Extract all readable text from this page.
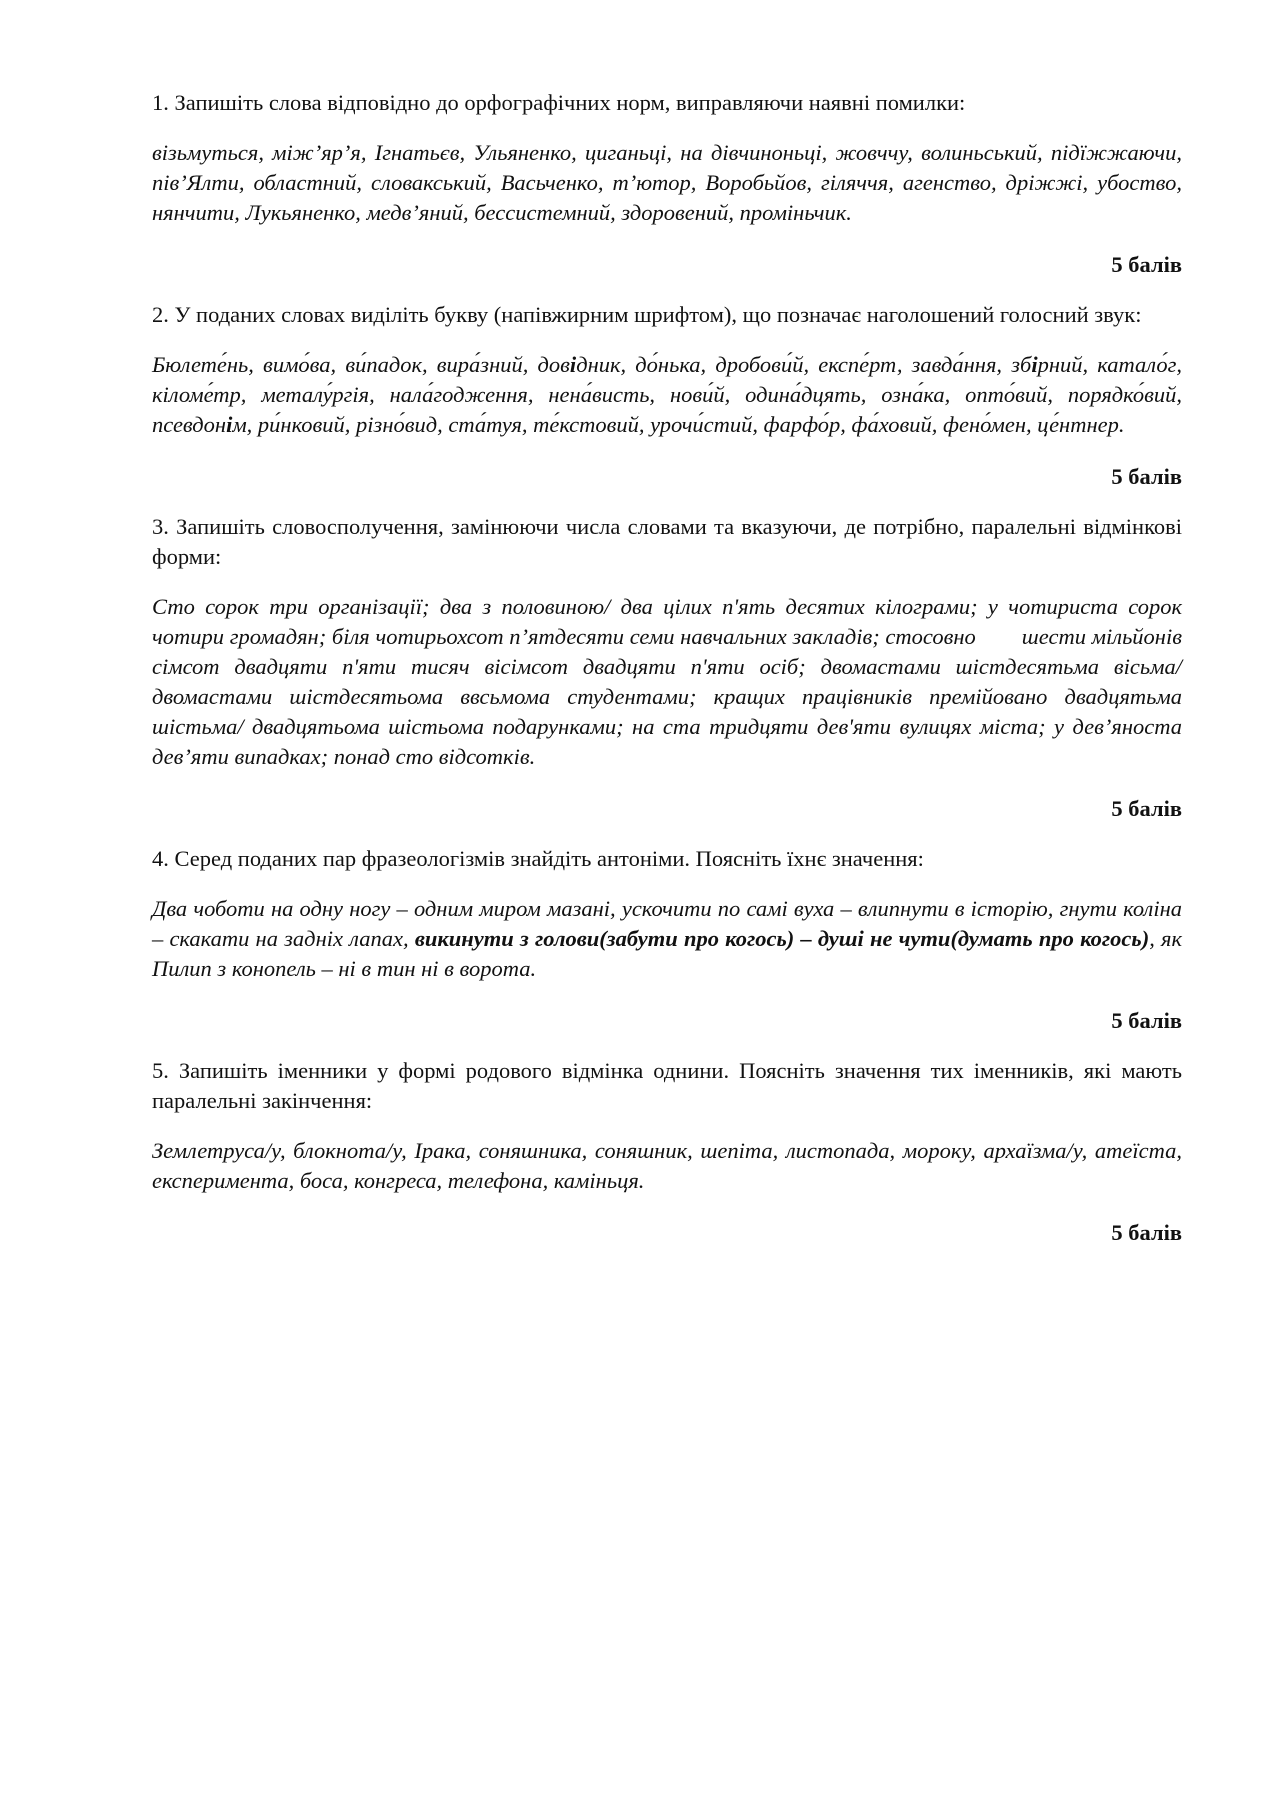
1. Запишіть слова відповідно до орфографічних норм, виправляючи наявні помилки:

візьмуться, між’яр’я, Ігнатьєв, Ульяненко, циганьці, на дівчиноньці, жовччу, волиньський, підїжжаючи, пів’Ялти, областний, словакський, Васьченко, т’ютор, Воробьйов, гіляччя, агенство, дріжжі, убоство, нянчити, Лукьяненко, медв’яний, бессистемний, здоровений, проміньчик.

5 балів

2. У поданих словах виділіть букву (напівжирним шрифтом), що позначає наголошений голосний звук:

Бюлете́нь, вимо́ва, ви́падок, вира́зний, довідник, до́нька, дробови́й, експе́рт, завда́ння, збірний, катало́г, кіломе́тр, металу́ргія, нала́годження, нена́висть, нови́й, одина́дцять, озна́ка, опто́вий, порядко́вий, псевдонім, ри́нковий, різно́вид, ста́туя, те́кстовий, урочи́стий, фарфо́р, фа́ховий, фено́мен, це́нтнер.

5 балів

3. Запишіть словосполучення, замінюючи числа словами та вказуючи, де потрібно, паралельні відмінкові форми:

Сто сорок три організації; два з половиною/ два цілих п'ять десятих кілограми; у чотириста сорок чотири громадян; біля чотирьохсот п’ятдесяти семи навчальних закладів; стосовно шести мільйонів сімсот двадцяти п'яти тисяч вісімсот двадцяти п'яти осіб; двомастами шістдесятьма вісьма/двомастами шістдесятьома ввсьмома студентами; кращих працівників премійовано двадцятьма шістьма/ двадцятьома шістьома подарунками; на ста тридцяти дев'яти вулицях міста; у дев’яноста дев’яти випадках; понад сто відсотків.

5 балів

4. Серед поданих пар фразеологізмів знайдіть антоніми. Поясніть їхнє значення:

Два чоботи на одну ногу – одним миром мазані, ускочити по самі вуха – влипнути в історію, гнути коліна – скакати на задніх лапах, викинути з голови(забути про когось) – душі не чути(думать про когось), як Пилип з конопель – ні в тин ні в ворота.

5 балів

5. Запишіть іменники у формі родового відмінка однини. Поясніть значення тих іменників, які мають паралельні закінчення:

Землетруса/у, блокнота/у, Ірака, соняшника, соняшник, шепіта, листопада, мороку, архаїзма/у, атеїста, експеримента, боса, конгреса, телефона, каміньця.

5 балів
